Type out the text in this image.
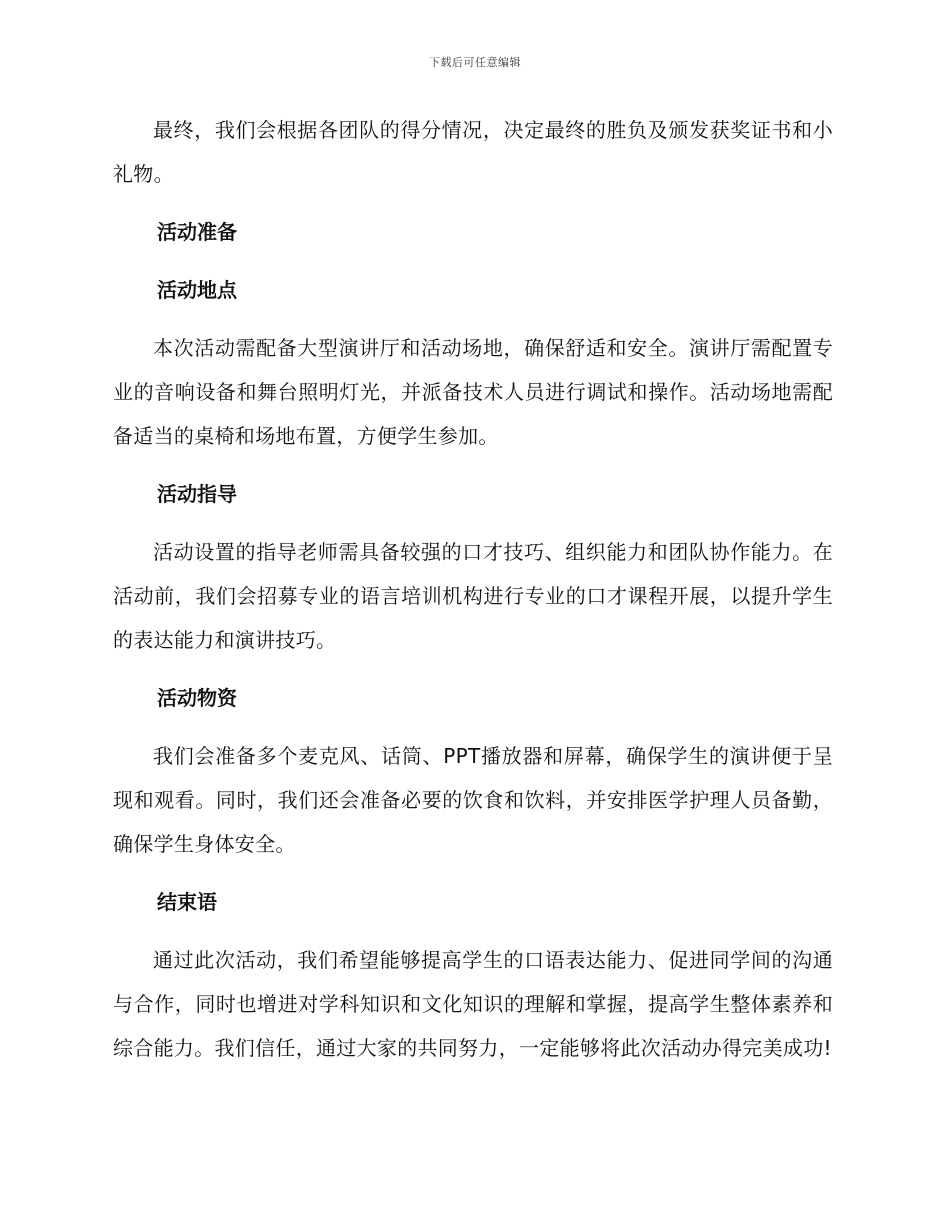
下载后可任意编辑

最终，我们会根据各团队的得分情况，决定最终的胜负及颁发获奖证书和小礼物。

活动准备

活动地点

本次活动需配备大型演讲厅和活动场地，确保舒适和安全。演讲厅需配置专业的音响设备和舞台照明灯光，并派备技术人员进行调试和操作。活动场地需配备适当的桌椅和场地布置，方便学生参加。

活动指导

活动设置的指导老师需具备较强的口才技巧、组织能力和团队协作能力。在活动前，我们会招募专业的语言培训机构进行专业的口才课程开展，以提升学生的表达能力和演讲技巧。

活动物资

我们会准备多个麦克风、话筒、PPT播放器和屏幕，确保学生的演讲便于呈现和观看。同时，我们还会准备必要的饮食和饮料，并安排医学护理人员备勤，确保学生身体安全。

结束语

通过此次活动，我们希望能够提高学生的口语表达能力、促进同学间的沟通与合作，同时也增进对学科知识和文化知识的理解和掌握，提高学生整体素养和综合能力。我们信任，通过大家的共同努力，一定能够将此次活动办得完美成功!
